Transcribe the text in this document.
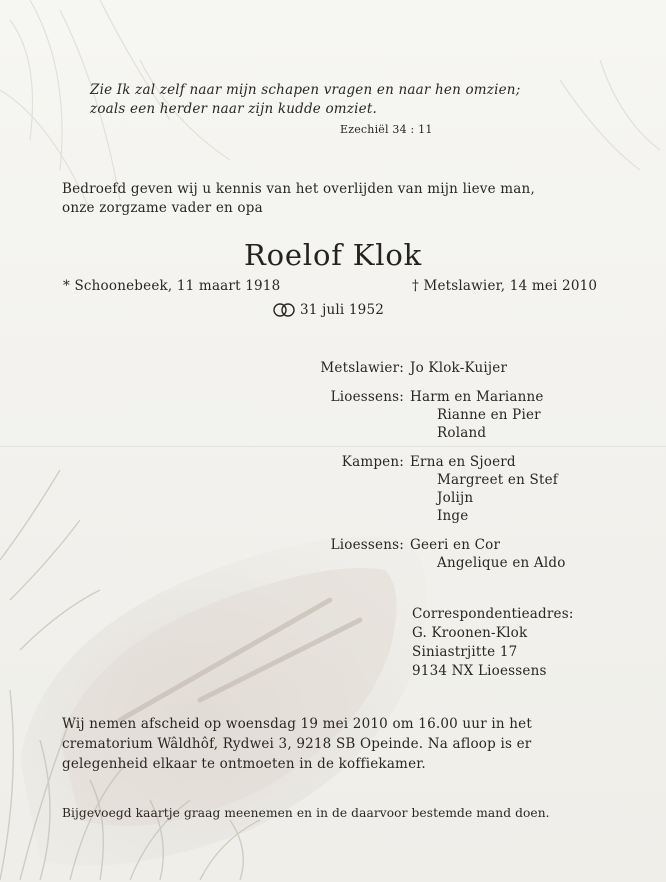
Zie Ik zal zelf naar mijn schapen vragen en naar hen omzien;
zoals een herder naar zijn kudde omziet.
Ezechiël 34 : 11
Bedroefd geven wij u kennis van het overlijden van mijn lieve man,
onze zorgzame vader en opa
Roelof Klok
* Schoonebeek, 11 maart 1918	† Metslawier, 14 mei 2010
31 juli 1952
Metslawier: Jo Klok-Kuijer
Lioessens: Harm en Marianne
Rianne en Pier
Roland
Kampen: Erna en Sjoerd
Margreet en Stef
Jolijn
Inge
Lioessens: Geeri en Cor
Angelique en Aldo
Correspondentieadres:
G. Kroonen-Klok
Siniastrjitte 17
9134 NX Lioessens
Wij nemen afscheid op woensdag 19 mei 2010 om 16.00 uur in het
crematorium Wâldhôf, Rydwei 3, 9218 SB Opeinde. Na afloop is er
gelegenheid elkaar te ontmoeten in de koffiekamer.
Bijgevoegd kaartje graag meenemen en in de daarvoor bestemde mand doen.
